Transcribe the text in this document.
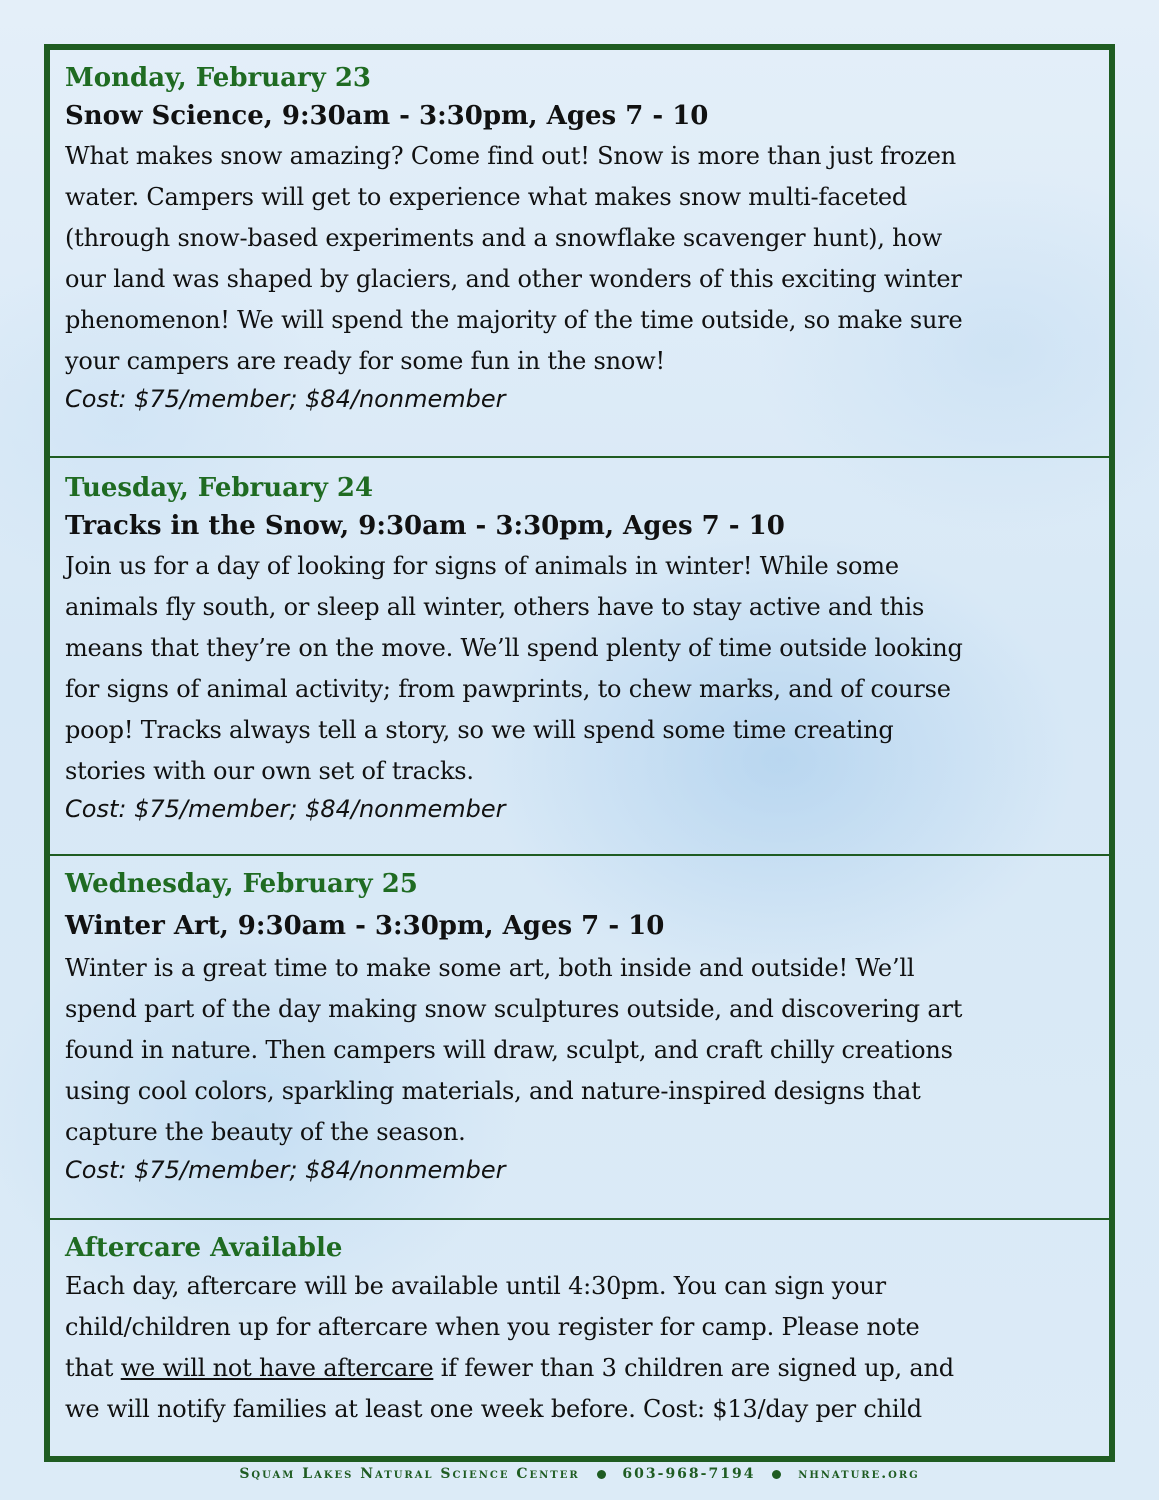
Monday, February 23
Snow Science, 9:30am - 3:30pm, Ages 7 - 10
What makes snow amazing? Come find out! Snow is more than just frozen
water. Campers will get to experience what makes snow multi-faceted
(through snow-based experiments and a snowflake scavenger hunt), how
our land was shaped by glaciers, and other wonders of this exciting winter
phenomenon! We will spend the majority of the time outside, so make sure
your campers are ready for some fun in the snow!
Cost: $75/member; $84/nonmember
Tuesday, February 24
Tracks in the Snow, 9:30am - 3:30pm, Ages 7 - 10
Join us for a day of looking for signs of animals in winter! While some
animals fly south, or sleep all winter, others have to stay active and this
means that they’re on the move. We’ll spend plenty of time outside looking
for signs of animal activity; from pawprints, to chew marks, and of course
poop! Tracks always tell a story, so we will spend some time creating
stories with our own set of tracks.
Cost: $75/member; $84/nonmember
Wednesday, February 25
Winter Art, 9:30am - 3:30pm, Ages 7 - 10
Winter is a great time to make some art, both inside and outside! We’ll
spend part of the day making snow sculptures outside, and discovering art
found in nature. Then campers will draw, sculpt, and craft chilly creations
using cool colors, sparkling materials, and nature-inspired designs that
capture the beauty of the season.
Cost: $75/member; $84/nonmember
Aftercare Available
Each day, aftercare will be available until 4:30pm. You can sign your
child/children up for aftercare when you register for camp. Please note
that we will not have aftercare if fewer than 3 children are signed up, and
we will notify families at least one week before. Cost: $13/day per child
Squam Lakes Natural Science Center	603-968-7194	nhnature.org
